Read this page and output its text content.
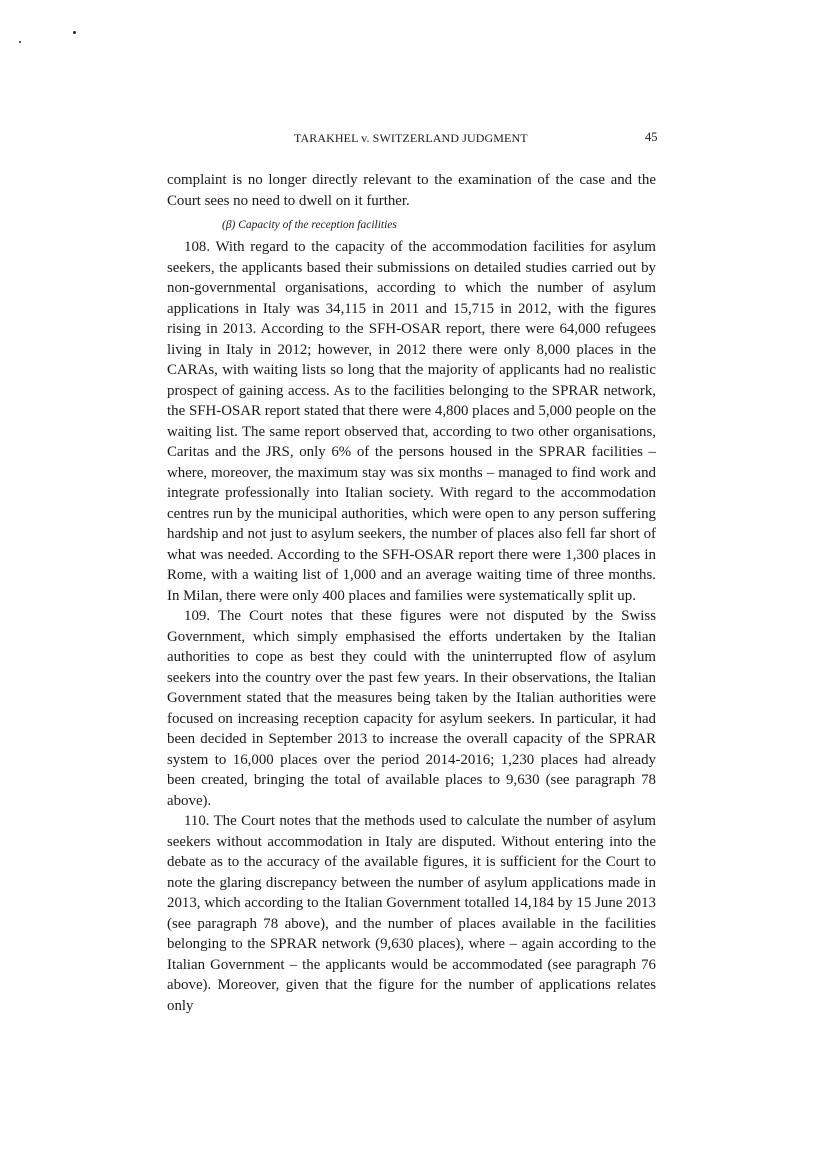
TARAKHEL v. SWITZERLAND JUDGMENT	45

complaint is no longer directly relevant to the examination of the case and the Court sees no need to dwell on it further.

(β) Capacity of the reception facilities

108. With regard to the capacity of the accommodation facilities for asylum seekers, the applicants based their submissions on detailed studies carried out by non-governmental organisations, according to which the number of asylum applications in Italy was 34,115 in 2011 and 15,715 in 2012, with the figures rising in 2013. According to the SFH-OSAR report, there were 64,000 refugees living in Italy in 2012; however, in 2012 there were only 8,000 places in the CARAs, with waiting lists so long that the majority of applicants had no realistic prospect of gaining access. As to the facilities belonging to the SPRAR network, the SFH-OSAR report stated that there were 4,800 places and 5,000 people on the waiting list. The same report observed that, according to two other organisations, Caritas and the JRS, only 6% of the persons housed in the SPRAR facilities – where, moreover, the maximum stay was six months – managed to find work and integrate professionally into Italian society. With regard to the accommodation centres run by the municipal authorities, which were open to any person suffering hardship and not just to asylum seekers, the number of places also fell far short of what was needed. According to the SFH-OSAR report there were 1,300 places in Rome, with a waiting list of 1,000 and an average waiting time of three months. In Milan, there were only 400 places and families were systematically split up.

109. The Court notes that these figures were not disputed by the Swiss Government, which simply emphasised the efforts undertaken by the Italian authorities to cope as best they could with the uninterrupted flow of asylum seekers into the country over the past few years. In their observations, the Italian Government stated that the measures being taken by the Italian authorities were focused on increasing reception capacity for asylum seekers. In particular, it had been decided in September 2013 to increase the overall capacity of the SPRAR system to 16,000 places over the period 2014-2016; 1,230 places had already been created, bringing the total of available places to 9,630 (see paragraph 78 above).

110. The Court notes that the methods used to calculate the number of asylum seekers without accommodation in Italy are disputed. Without entering into the debate as to the accuracy of the available figures, it is sufficient for the Court to note the glaring discrepancy between the number of asylum applications made in 2013, which according to the Italian Government totalled 14,184 by 15 June 2013 (see paragraph 78 above), and the number of places available in the facilities belonging to the SPRAR network (9,630 places), where – again according to the Italian Government – the applicants would be accommodated (see paragraph 76 above). Moreover, given that the figure for the number of applications relates only
